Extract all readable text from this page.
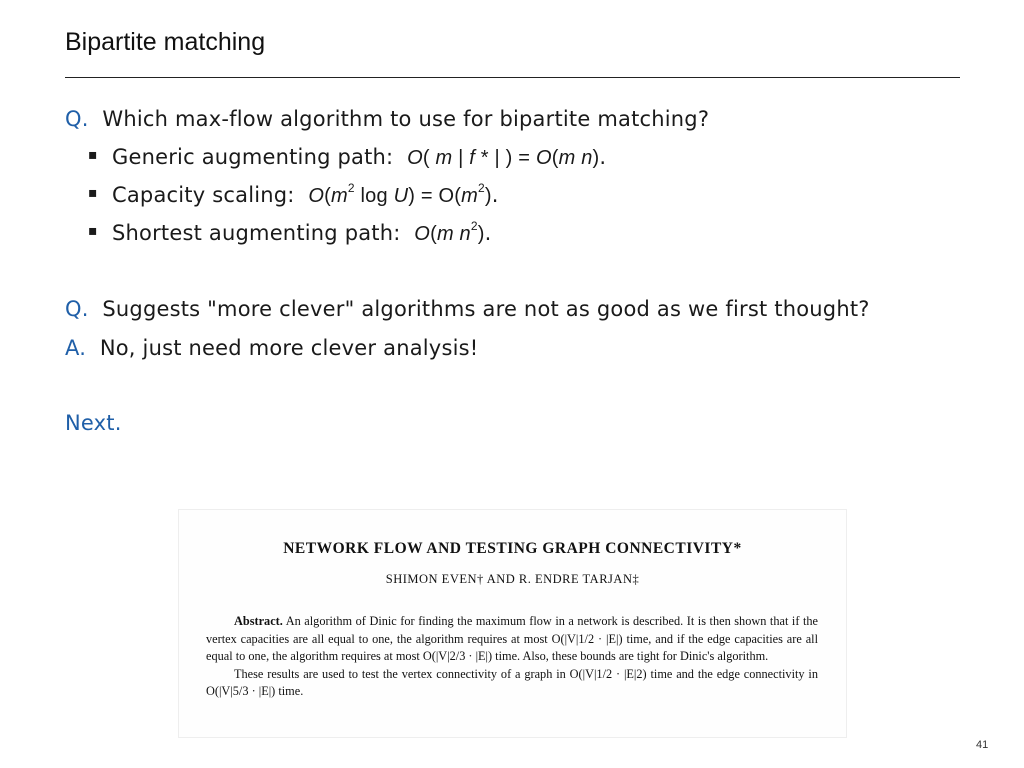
Bipartite matching
Q. Which max-flow algorithm to use for bipartite matching?
▪ Generic augmenting path: O( m | f * | ) = O(m n).
▪ Capacity scaling: $O(m^2$ $\log U) = O(m^2)$.
▪ Shortest augmenting path: O(m $n^2$).
Q. Suggests "more clever" algorithms are not as good as we first thought?
A. No, just need more clever analysis!
Next.
NETWORK FLOW AND TESTING GRAPH CONNECTIVITY*
SHIMON EVEN† AND R. ENDRE TARJAN‡
Abstract. An algorithm of Dinic for finding the maximum flow in a network is described. It is then shown that if the vertex capacities are all equal to one, the algorithm requires at most O(|V|1/2 · |E|) time, and if the edge capacities are all equal to one, the algorithm requires at most O(|V|2/3 · |E|) time. Also, these bounds are tight for Dinic's algorithm.
These results are used to test the vertex connectivity of a graph in O(|V|1/2 · |E|2) time and the edge connectivity in O(|V|5/3 · |E|) time.
41
